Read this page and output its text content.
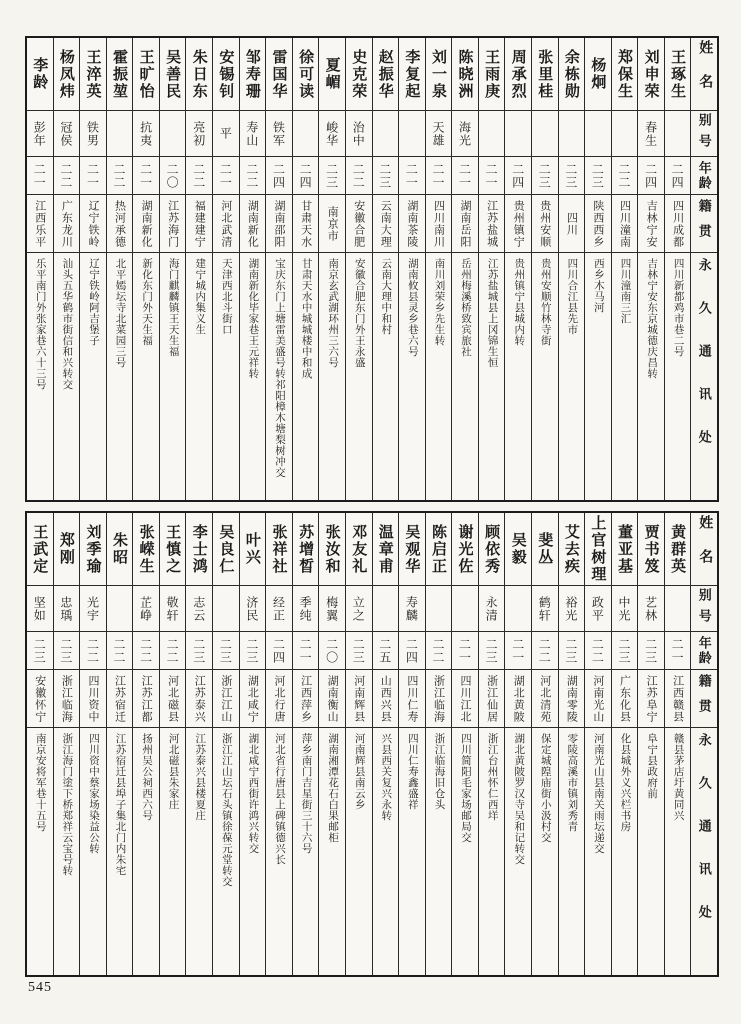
李龄
彭年
二一
江西乐平
乐平南门外张家巷六十三号
杨凤炜
冠侯
二二
广东龙川
汕头五华鹤市街信和兴转交
王淬英
铁男
二一
辽宁铁岭
辽宁铁岭阿吉堡子
霍振堃
二二
热河承德
北平嫣坛寺北菜园三号
王旷怡
抗夷
二一
湖南新化
新化东门外天生福
吴善民
二〇
江苏海门
海门麒麟镇王天生福
朱日东
亮初
二二
福建建宁
建宁城内集义生
安锡钊
平
二一
河北武清
天津西北斗街口
邹寿珊
寿山
二二
湖南新化
湖南新化毕家巷王元祥转
雷国华
铁军
二四
湖南邵阳
宝庆东门上塘雷美盛号转祁阳樟木塘梨树冲交
徐可读
二四
甘肃天水
甘肃天水中城城楼中和成
夏嵋
峻华
二三
南京市
南京玄武湖环州三六号
史克荣
治中
二二
安徽合肥
安徽合肥东门外王永盛
赵振华
二三
云南大理
云南大理中和村
李复起
二一
湖南茶陵
湖南攸县灵乡巷六号
刘一泉
天雄
二一
四川南川
南川刘荣乡先生转
陈晓洲
海光
二一
湖南岳阳
岳州梅溪桥致宾旅社
王雨庚
二一
江苏盐城
江苏盐城县上冈锦生恒
周承烈
二四
贵州镇宁
贵州镇宁县城内转
张里桂
二三
贵州安顺
贵州安顺竹林寺街
余栋勋
二三
四川
四川合江县先市
杨炯
二三
陕西西乡
西乡木马河
郑保生
二二
四川潼南
四川潼南三汇
刘申荣
春生
二四
吉林宁安
吉林宁安东京城德庆昌转
王琢生
二四
四川成都
四川新都鸡市巷二号
姓名
别号
年龄
籍贯
永久通讯处
王武定
坚如
二三
安徽怀宁
南京安将军巷十五号
郑刚
忠瑀
二三
浙江临海
浙江海门塗下桥郑祥云宝号转
刘季瑜
光宇
二二
四川资中
四川资中蔡家场染益公转
朱昭
二二
江苏宿迁
江苏宿迁县埠子集北门内朱宅
张嵘生
芷峥
二二
江苏江都
扬州吴公祠西六号
王慎之
敬轩
二二
河北磁县
河北磁县朱家庄
李士鸿
志云
二三
江苏泰兴
江苏泰兴县楼夏庄
吴良仁
二三
浙江江山
浙江江山坛石头镇徐葆元堂转交
叶兴
济民
二三
湖北咸宁
湖北咸宁西街许鸿兴转交
张祥社
经正
二四
河北行唐
河北省行唐县上碑镇德兴长
苏增晳
季纯
二一
江西萍乡
萍乡南门吉星街三十六号
张汝和
梅翼
二〇
湖南衡山
湖南湘潭花石白果邮柜
邓友礼
立之
二三
河南辉县
河南辉县南云乡
温章甫
二五
山西兴县
兴县西关复兴永转
吴观华
寿麟
二四
四川仁寿
四川仁寿鑫盛祥
陈启正
二二
浙江临海
浙江临海旧仓头
谢光佐
二一
四川江北
四川简阳毛家场邮局交
顾依秀
永清
二三
浙江仙居
浙江台州怀仁西垟
吴毅
二一
湖北黄陂
湖北黄陂罗汉寺吴和记转交
斐丛
鹤轩
二二
河北清苑
保定城隍庙街小汲村交
艾去疾
裕光
二三
湖南零陵
零陵高溪市镇刘秀青
上官树理
政平
二二
河南光山
河南光山县南关雨坛递交
董亚基
中光
二三
广东化县
化县城外义兴栏书房
贾书笈
艺林
二三
江苏阜宁
阜宁县政府前
黄群英
二一
江西赣县
赣县茅店圩黄同兴
姓名
别号
年龄
籍贯
永久通讯处
545
